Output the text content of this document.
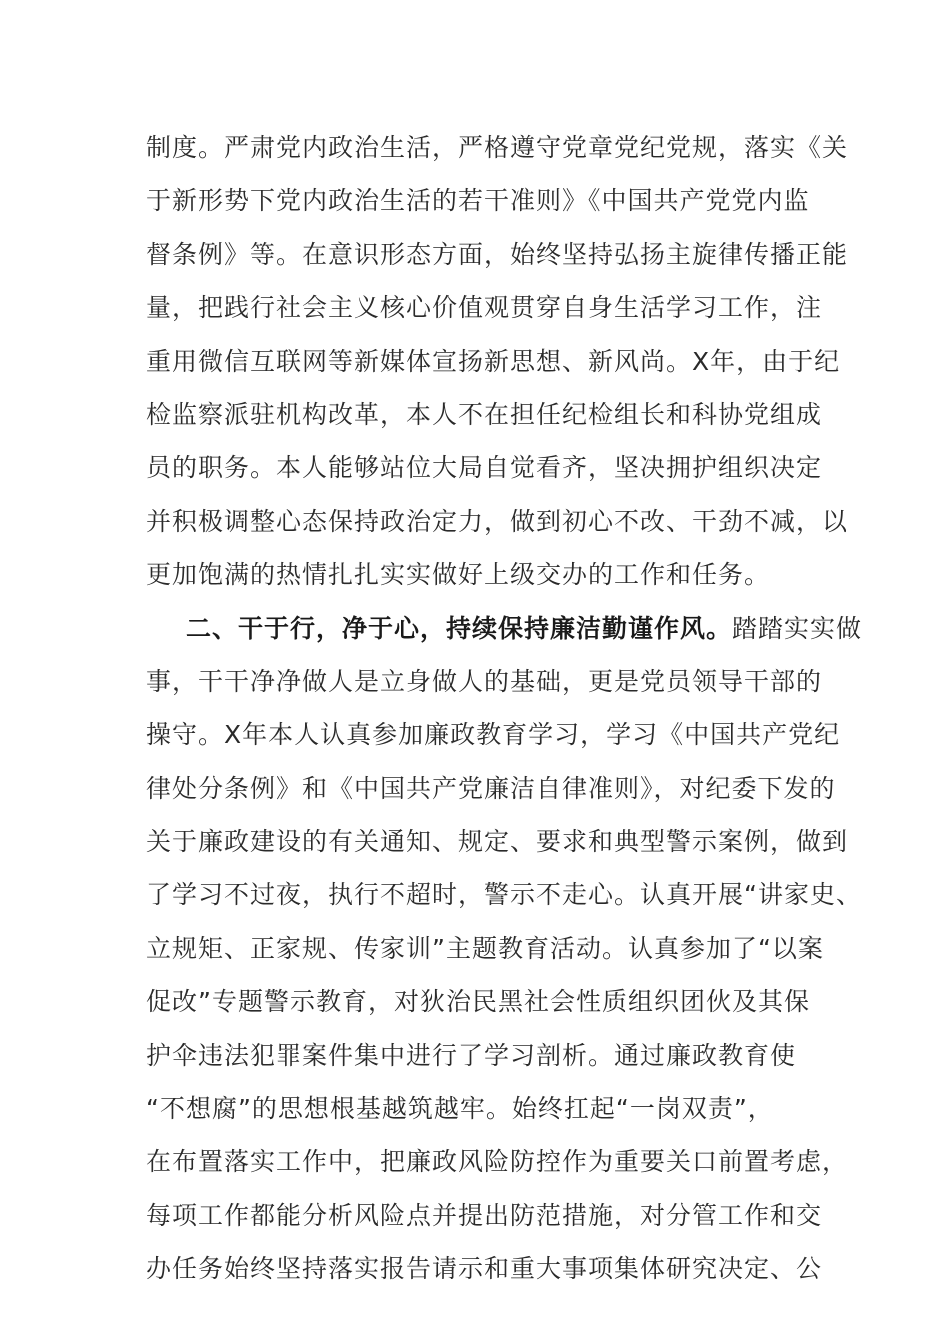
制度。严肃党内政治生活，严格遵守党章党纪党规，落实《关
于新形势下党内政治生活的若干准则》《中国共产党党内监
督条例》等。在意识形态方面，始终坚持弘扬主旋律传播正能
量，把践行社会主义核心价值观贯穿自身生活学习工作，注
重用微信互联网等新媒体宣扬新思想、新风尚。X年，由于纪
检监察派驻机构改革，本人不在担任纪检组长和科协党组成
员的职务。本人能够站位大局自觉看齐，坚决拥护组织决定
并积极调整心态保持政治定力，做到初心不改、干劲不减，以
更加饱满的热情扎扎实实做好上级交办的工作和任务。
二、干于行，净于心，持续保持廉洁勤谨作风。踏踏实实做
事，干干净净做人是立身做人的基础，更是党员领导干部的
操守。X年本人认真参加廉政教育学习，学习《中国共产党纪
律处分条例》和《中国共产党廉洁自律准则》，对纪委下发的
关于廉政建设的有关通知、规定、要求和典型警示案例，做到
了学习不过夜，执行不超时，警示不走心。认真开展“讲家史、
立规矩、正家规、传家训”主题教育活动。认真参加了“以案
促改”专题警示教育，对狄治民黑社会性质组织团伙及其保
护伞违法犯罪案件集中进行了学习剖析。通过廉政教育使
“不想腐”的思想根基越筑越牢。始终扛起“一岗双责”，
在布置落实工作中，把廉政风险防控作为重要关口前置考虑，
每项工作都能分析风险点并提出防范措施，对分管工作和交
办任务始终坚持落实报告请示和重大事项集体研究决定、公
